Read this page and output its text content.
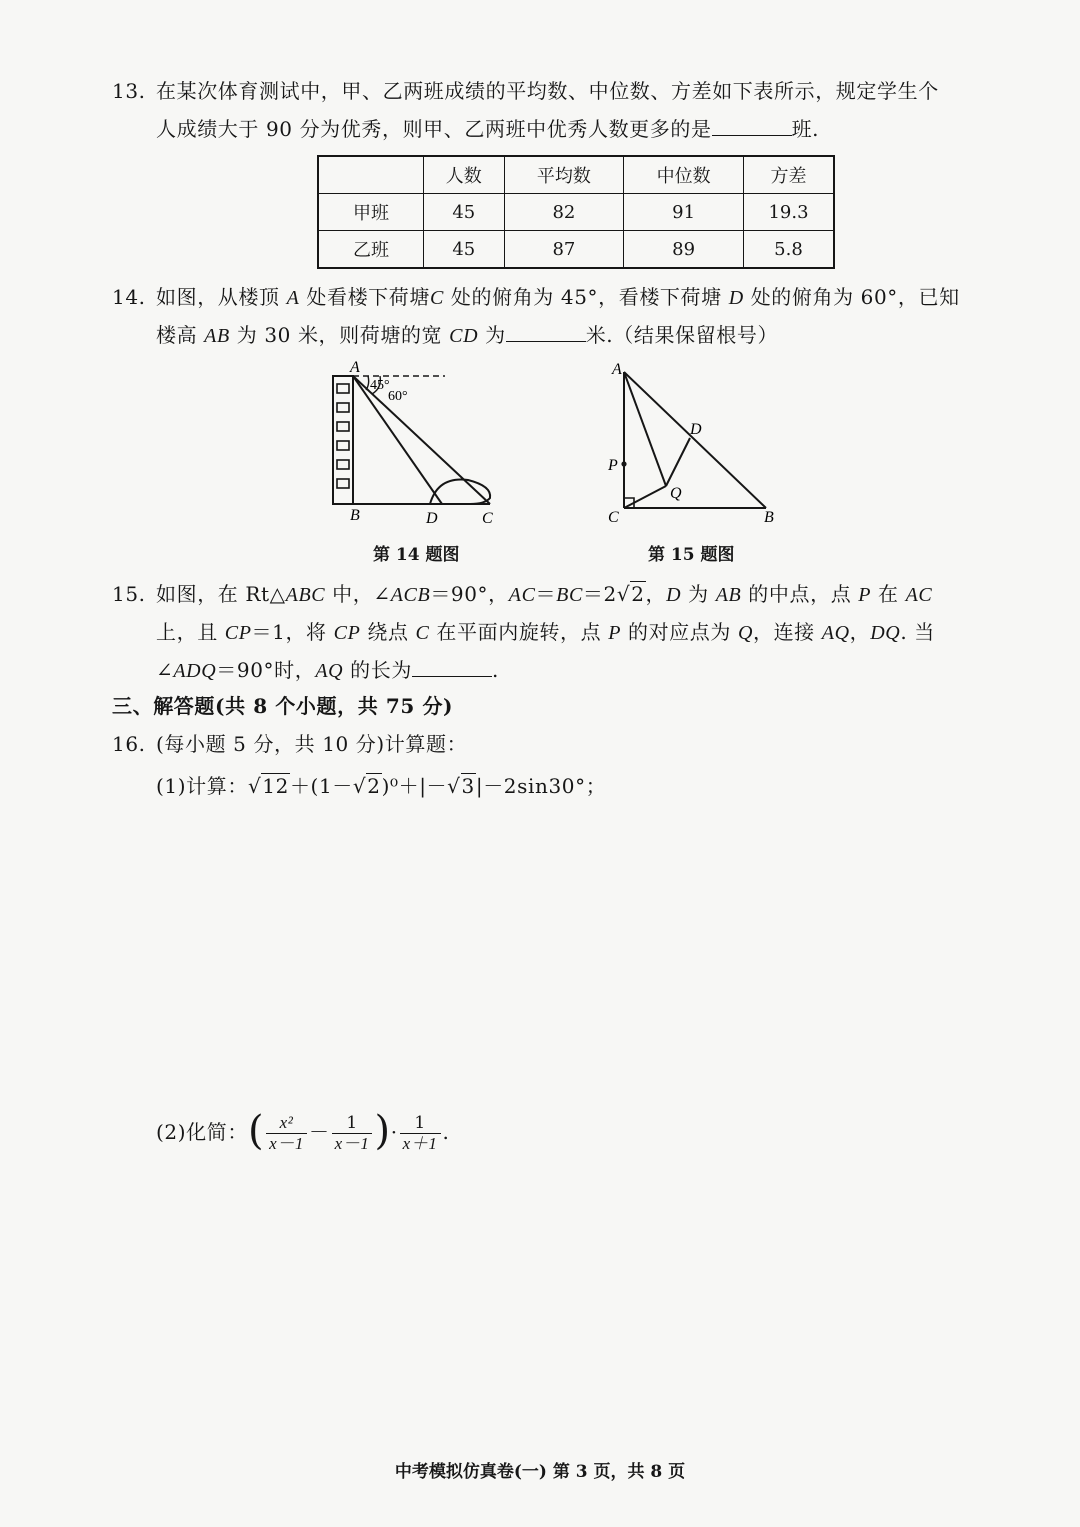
13. 在某次体育测试中，甲、乙两班成绩的平均数、中位数、方差如下表所示，规定学生个
人成绩大于 90 分为优秀，则甲、乙两班中优秀人数更多的是	班.
	人数	平均数	中位数	方差
甲班	45	82	91	19.3
乙班	45	87	89	5.8
14. 如图，从楼顶 A 处看楼下荷塘C 处的俯角为 45°，看楼下荷塘 D 处的俯角为 60°，已知
楼高 AB 为 30 米，则荷塘的宽 CD 为	米.（结果保留根号）
A
45°
60°
B	D	C
第 14 题图
A
D
P
Q
C	B
第 15 题图
15. 如图，在 Rt△ABC 中，∠ACB＝90°，AC＝BC＝2√2，D 为 AB 的中点，点 P 在 AC
上，且 CP＝1，将 CP 绕点 C 在平面内旋转，点 P 的对应点为 Q，连接 AQ，DQ. 当
∠ADQ＝90°时，AQ 的长为	.
三、解答题(共 8 个小题，共 75 分)
16. (每小题 5 分，共 10 分)计算题：
(1)计算：√12＋(1－√2)⁰＋|－√3|－2sin30°；
(2)化简：( $\frac{\text{x²}}{x-1} - \frac{1}{x-1}$ )· $\frac{1}{x+1}$ .
中考模拟仿真卷(一) 第 3 页，共 8 页
